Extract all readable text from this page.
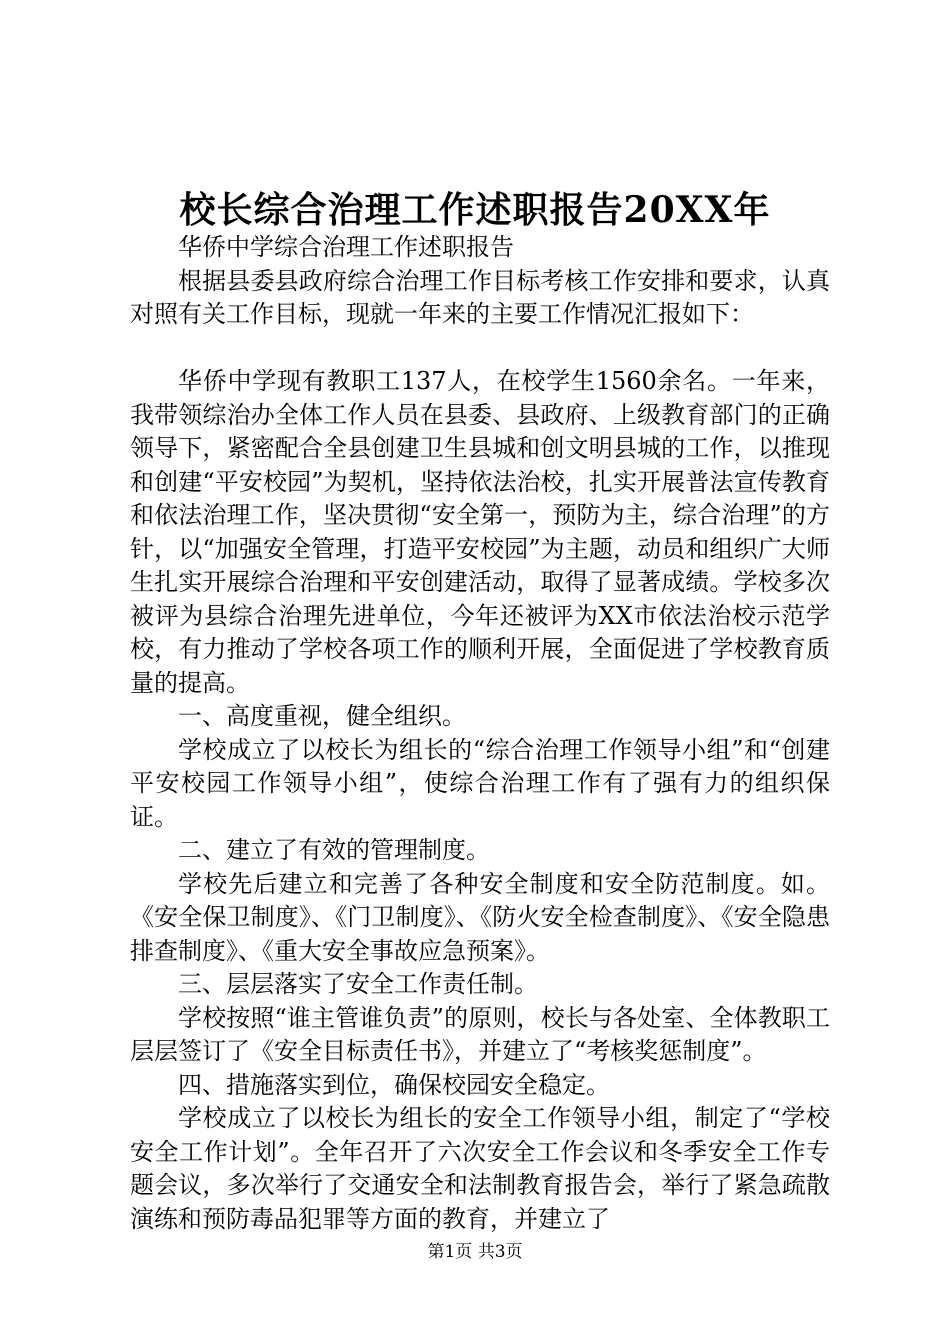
校长综合治理工作述职报告20XX年

华侨中学综合治理工作述职报告

根据县委县政府综合治理工作目标考核工作安排和要求，认真对照有关工作目标，现就一年来的主要工作情况汇报如下：

华侨中学现有教职工137人，在校学生1560余名。一年来，我带领综治办全体工作人员在县委、县政府、上级教育部门的正确领导下，紧密配合全县创建卫生县城和创文明县城的工作，以推现和创建“平安校园”为契机，坚持依法治校，扎实开展普法宣传教育和依法治理工作，坚决贯彻“安全第一，预防为主，综合治理”的方针，以“加强安全管理，打造平安校园”为主题，动员和组织广大师生扎实开展综合治理和平安创建活动，取得了显著成绩。学校多次被评为县综合治理先进单位，今年还被评为XX市依法治校示范学校，有力推动了学校各项工作的顺利开展，全面促进了学校教育质量的提高。

一、高度重视，健全组织。

学校成立了以校长为组长的“综合治理工作领导小组”和“创建平安校园工作领导小组”，使综合治理工作有了强有力的组织保证。

二、建立了有效的管理制度。

学校先后建立和完善了各种安全制度和安全防范制度。如。《安全保卫制度》、《门卫制度》、《防火安全检查制度》、《安全隐患排查制度》、《重大安全事故应急预案》。

三、层层落实了安全工作责任制。

学校按照“谁主管谁负责”的原则，校长与各处室、全体教职工层层签订了《安全目标责任书》，并建立了“考核奖惩制度”。

四、措施落实到位，确保校园安全稳定。

学校成立了以校长为组长的安全工作领导小组，制定了“学校安全工作计划”。全年召开了六次安全工作会议和冬季安全工作专题会议，多次举行了交通安全和法制教育报告会，举行了紧急疏散演练和预防毒品犯罪等方面的教育，并建立了

第1页 共3页
